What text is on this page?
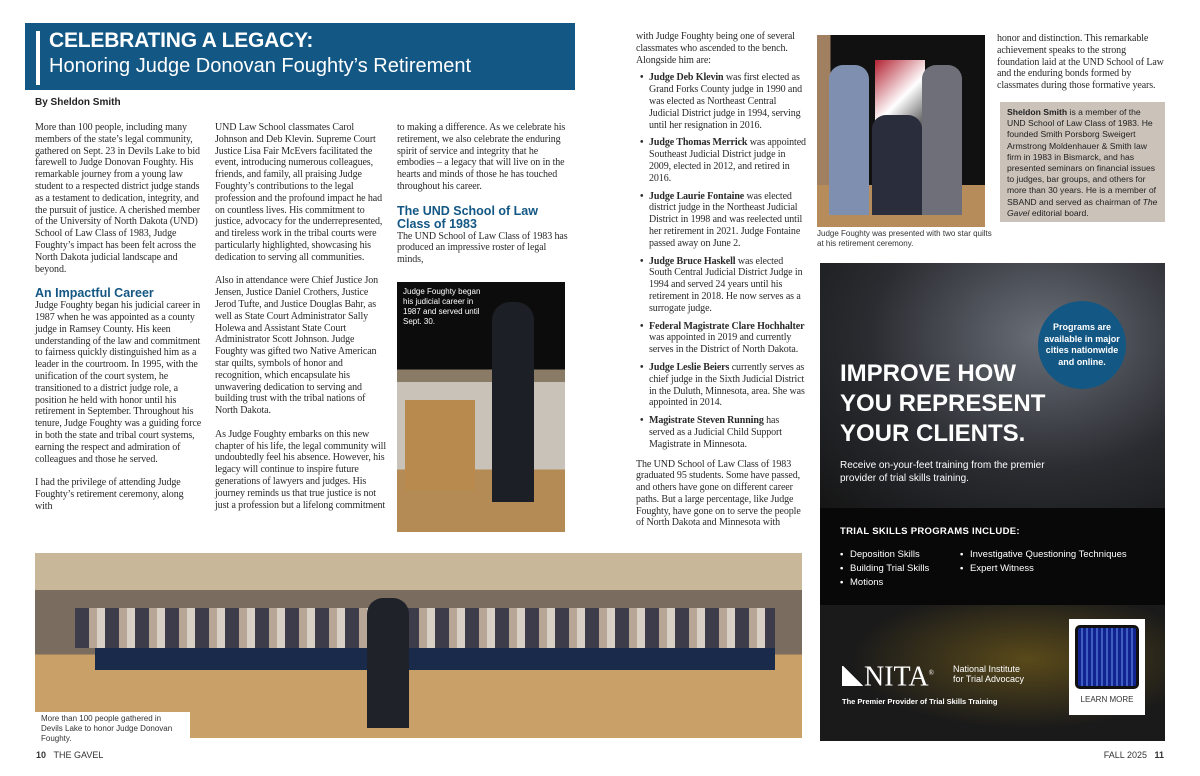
CELEBRATING A LEGACY:
Honoring Judge Donovan Foughty’s Retirement
By Sheldon Smith

More than 100 people, including many members of the state’s legal community, gathered on Sept. 23 in Devils Lake to bid farewell to Judge Donovan Foughty. His remarkable journey from a young law student to a respected district judge stands as a testament to dedication, integrity, and the pursuit of justice. A cherished member of the University of North Dakota (UND) School of Law Class of 1983, Judge Foughty’s impact has been felt across the North Dakota judicial landscape and beyond.

An Impactful Career

Judge Foughty began his judicial career in 1987 when he was appointed as a county judge in Ramsey County. His keen understanding of the law and commitment to fairness quickly distinguished him as a leader in the courtroom. In 1995, with the unification of the court system, he transitioned to a district judge role, a position he held with honor until his retirement in September. Throughout his tenure, Judge Foughty was a guiding force in both the state and tribal court systems, earning the respect and admiration of colleagues and those he served.

I had the privilege of attending Judge Foughty’s retirement ceremony, along with

UND Law School classmates Carol Johnson and Deb Klevin. Supreme Court Justice Lisa Fair McEvers facilitated the event, introducing numerous colleagues, friends, and family, all praising Judge Foughty’s contributions to the legal profession and the profound impact he had on countless lives. His commitment to justice, advocacy for the underrepresented, and tireless work in the tribal courts were particularly highlighted, showcasing his dedication to serving all communities.

Also in attendance were Chief Justice Jon Jensen, Justice Daniel Crothers, Justice Jerod Tufte, and Justice Douglas Bahr, as well as State Court Administrator Sally Holewa and Assistant State Court Administrator Scott Johnson. Judge Foughty was gifted two Native American star quilts, symbols of honor and recognition, which encapsulate his unwavering dedication to serving and building trust with the tribal nations of North Dakota.

As Judge Foughty embarks on this new chapter of his life, the legal community will undoubtedly feel his absence. However, his legacy will continue to inspire future generations of lawyers and judges. His journey reminds us that true justice is not just a profession but a lifelong commitment

to making a difference. As we celebrate his retirement, we also celebrate the enduring spirit of service and integrity that he embodies – a legacy that will live on in the hearts and minds of those he has touched throughout his career.

The UND School of Law Class of 1983

The UND School of Law Class of 1983 has produced an impressive roster of legal minds,

Judge Foughty began his judicial career in 1987 and served until Sept. 30.

with Judge Foughty being one of several classmates who ascended to the bench. Alongside him are:

• Judge Deb Klevin was first elected as Grand Forks County judge in 1990 and was elected as Northeast Central Judicial District judge in 1994, serving until her resignation in 2016.
• Judge Thomas Merrick was appointed Southeast Judicial District judge in 2009, elected in 2012, and retired in 2016.
• Judge Laurie Fontaine was elected district judge in the Northeast Judicial District in 1998 and was reelected until her retirement in 2021. Judge Fontaine passed away on June 2.
• Judge Bruce Haskell was elected South Central Judicial District Judge in 1994 and served 24 years until his retirement in 2018. He now serves as a surrogate judge.
• Federal Magistrate Clare Hochhalter was appointed in 2019 and currently serves in the District of North Dakota.
• Judge Leslie Beiers currently serves as chief judge in the Sixth Judicial District in the Duluth, Minnesota, area. She was appointed in 2014.
• Magistrate Steven Running has served as a Judicial Child Support Magistrate in Minnesota.

The UND School of Law Class of 1983 graduated 95 students. Some have passed, and others have gone on different career paths. But a large percentage, like Judge Foughty, have gone on to serve the people of North Dakota and Minnesota with

Judge Foughty was presented with two star quilts at his retirement ceremony.

honor and distinction. This remarkable achievement speaks to the strong foundation laid at the UND School of Law and the enduring bonds formed by classmates during those formative years.

Sheldon Smith is a member of the UND School of Law Class of 1983. He founded Smith Porsborg Sweigert Armstrong Moldenhauer & Smith law firm in 1983 in Bismarck, and has presented seminars on financial issues to judges, bar groups, and others for more than 30 years. He is a member of SBAND and served as chairman of The Gavel editorial board.
Programs are available in major cities nationwide and online.
IMPROVE HOW YOU REPRESENT YOUR CLIENTS.
Receive on-your-feet training from the premier provider of trial skills training.
TRIAL SKILLS PROGRAMS INCLUDE:
• Deposition Skills
• Building Trial Skills
• Motions
• Investigative Questioning Techniques
• Expert Witness
NITA® National Institute
for Trial Advocacy
The Premier Provider of Trial Skills Training	LEARN MORE
More than 100 people gathered in Devils Lake to honor Judge Donovan Foughty.
10 THE GAVEL	FALL 2025 11
